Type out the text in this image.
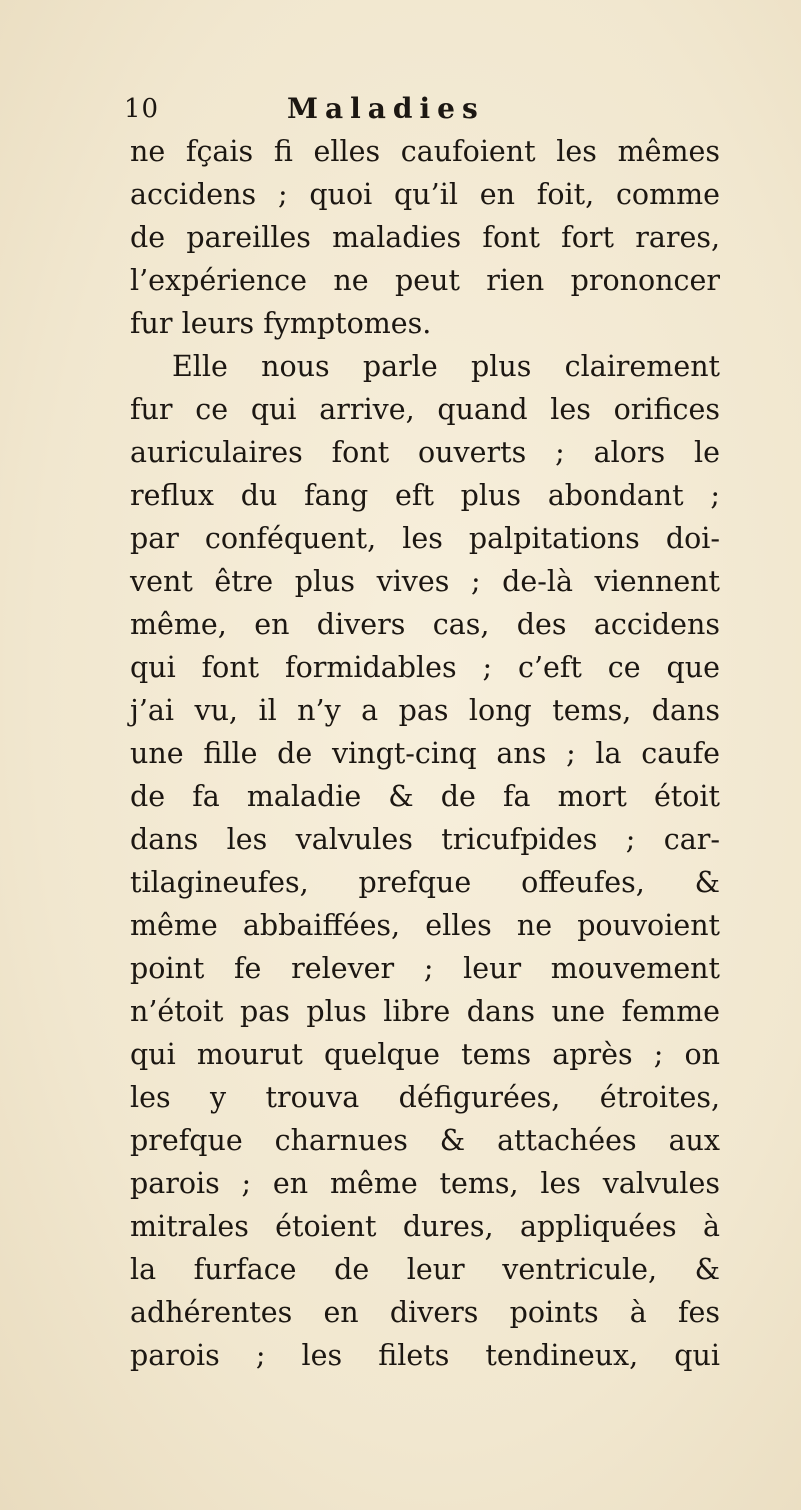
10	Maladies
ne fçais fi elles caufoient les mêmes
accidens ; quoi qu’il en foit, comme
de pareilles maladies font fort rares,
l’expérience ne peut rien prononcer
fur leurs fymptomes.
Elle nous parle plus clairement
fur ce qui arrive, quand les orifices
auriculaires font ouverts ; alors le
reflux du fang eft plus abondant ;
par conféquent, les palpitations doi-
vent être plus vives ; de-là viennent
même, en divers cas, des accidens
qui font formidables ; c’eft ce que
j’ai vu, il n’y a pas long tems, dans
une fille de vingt-cinq ans ; la caufe
de fa maladie & de fa mort étoit
dans les valvules tricufpides ; car-
tilagineufes, prefque offeufes, &
même abbaiffées, elles ne pouvoient
point fe relever ; leur mouvement
n’étoit pas plus libre dans une femme
qui mourut quelque tems après ; on
les y trouva défigurées, étroites,
prefque charnues & attachées aux
parois ; en même tems, les valvules
mitrales étoient dures, appliquées à
la furface de leur ventricule, &
adhérentes en divers points à fes
parois ; les filets tendineux, qui
